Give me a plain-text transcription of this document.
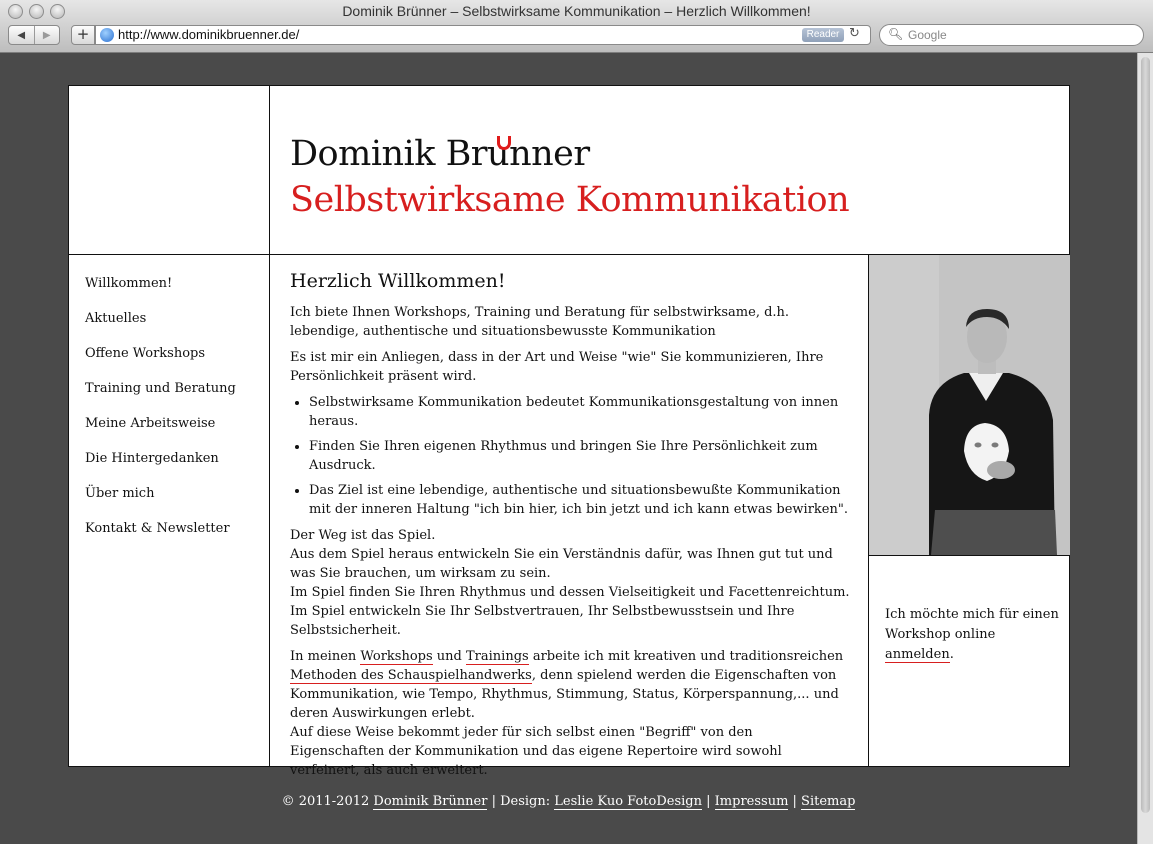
Dominik Brünner – Selbstwirksame Kommunikation – Herzlich Willkommen!
◀	▶	+	http://www.dominikbruenner.de/	Reader ↻ 🔍︎ Google
Dominik Brunner
Selbstwirksame Kommunikation
Willkommen!
Aktuelles
Offene Workshops
Training und Beratung
Meine Arbeitsweise
Die Hintergedanken
Über mich
Kontakt & Newsletter
Herzlich Willkommen!

Ich biete Ihnen Workshops, Training und Beratung für selbstwirksame, d.h. lebendige, authentische und situationsbewusste Kommunikation

Es ist mir ein Anliegen, dass in der Art und Weise "wie" Sie kommunizieren, Ihre Persönlichkeit präsent wird.

• Selbstwirksame Kommunikation bedeutet Kommunikationsgestaltung von innen heraus.
• Finden Sie Ihren eigenen Rhythmus und bringen Sie Ihre Persönlichkeit zum Ausdruck.
• Das Ziel ist eine lebendige, authentische und situationsbewußte Kommunikation mit der inneren Haltung "ich bin hier, ich bin jetzt und ich kann etwas bewirken".

Der Weg ist das Spiel.
Aus dem Spiel heraus entwickeln Sie ein Verständnis dafür, was Ihnen gut tut und was Sie brauchen, um wirksam zu sein.
Im Spiel finden Sie Ihren Rhythmus und dessen Vielseitigkeit und Facettenreichtum.
Im Spiel entwickeln Sie Ihr Selbstvertrauen, Ihr Selbstbewusstsein und Ihre Selbstsicherheit.

In meinen Workshops und Trainings arbeite ich mit kreativen und traditionsreichen Methoden des Schauspielhandwerks, denn spielend werden die Eigenschaften von Kommunikation, wie Tempo, Rhythmus, Stimmung, Status, Körperspannung,... und deren Auswirkungen erlebt.
Auf diese Weise bekommt jeder für sich selbst einen "Begriff" von den Eigenschaften der Kommunikation und das eigene Repertoire wird sowohl verfeinert, als auch erweitert.

Ich möchte mich für einen Workshop online anmelden.
© 2011-2012 Dominik Brünner | Design: Leslie Kuo FotoDesign | Impressum | Sitemap
